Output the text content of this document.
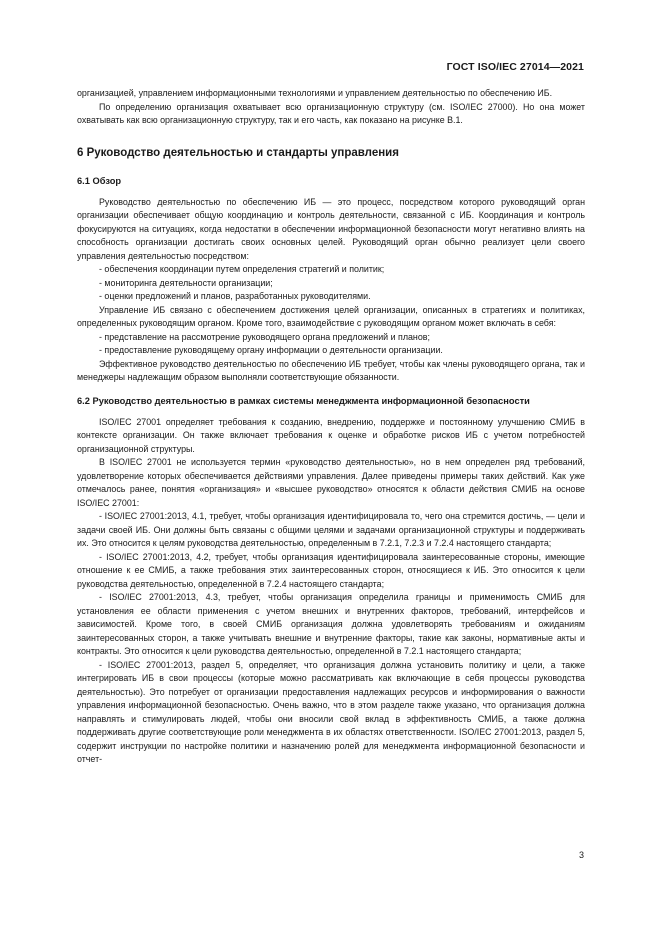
ГОСТ ISO/IEC 27014—2021

организацией, управлением информационными технологиями и управлением деятельностью по обеспечению ИБ.

По определению организация охватывает всю организационную структуру (см. ISO/IEC 27000). Но она может охватывать как всю организационную структуру, так и его часть, как показано на рисунке В.1.

6 Руководство деятельностью и стандарты управления
6.1 Обзор

Руководство деятельностью по обеспечению ИБ — это процесс, посредством которого руководящий орган организации обеспечивает общую координацию и контроль деятельности, связанной с ИБ. Координация и контроль фокусируются на ситуациях, когда недостатки в обеспечении информационной безопасности могут негативно влиять на способность организации достигать своих основных целей. Руководящий орган обычно реализует цели своего управления деятельностью посредством:

- обеспечения координации путем определения стратегий и политик;

- мониторинга деятельности организации;

- оценки предложений и планов, разработанных руководителями.

Управление ИБ связано с обеспечением достижения целей организации, описанных в стратегиях и политиках, определенных руководящим органом. Кроме того, взаимодействие с руководящим органом может включать в себя:

- представление на рассмотрение руководящего органа предложений и планов;

- предоставление руководящему органу информации о деятельности организации.

Эффективное руководство деятельностью по обеспечению ИБ требует, чтобы как члены руководящего органа, так и менеджеры надлежащим образом выполняли соответствующие обязанности.

6.2 Руководство деятельностью в рамках системы менеджмента информационной безопасности

ISO/IEC 27001 определяет требования к созданию, внедрению, поддержке и постоянному улучшению СМИБ в контексте организации. Он также включает требования к оценке и обработке рисков ИБ с учетом потребностей организационной структуры.

В ISO/IEC 27001 не используется термин «руководство деятельностью», но в нем определен ряд требований, удовлетворение которых обеспечивается действиями управления. Далее приведены примеры таких действий. Как уже отмечалось ранее, понятия «организация» и «высшее руководство» относятся к области действия СМИБ на основе ISO/IEC 27001:

- ISO/IEC 27001:2013, 4.1, требует, чтобы организация идентифицировала то, чего она стремится достичь, — цели и задачи своей ИБ. Они должны быть связаны с общими целями и задачами организационной структуры и поддерживать их. Это относится к целям руководства деятельностью, определенным в 7.2.1, 7.2.3 и 7.2.4 настоящего стандарта;

- ISO/IEC 27001:2013, 4.2, требует, чтобы организация идентифицировала заинтересованные стороны, имеющие отношение к ее СМИБ, а также требования этих заинтересованных сторон, относящиеся к ИБ. Это относится к цели руководства деятельностью, определенной в 7.2.4 настоящего стандарта;

- ISO/IEC 27001:2013, 4.3, требует, чтобы организация определила границы и применимость СМИБ для установления ее области применения с учетом внешних и внутренних факторов, требований, интерфейсов и зависимостей. Кроме того, в своей СМИБ организация должна удовлетворять требованиям и ожиданиям заинтересованных сторон, а также учитывать внешние и внутренние факторы, такие как законы, нормативные акты и контракты. Это относится к цели руководства деятельностью, определенной в 7.2.1 настоящего стандарта;

- ISO/IEC 27001:2013, раздел 5, определяет, что организация должна установить политику и цели, а также интегрировать ИБ в свои процессы (которые можно рассматривать как включающие в себя процессы руководства деятельностью). Это потребует от организации предоставления надлежащих ресурсов и информирования о важности управления информационной безопасностью. Очень важно, что в этом разделе также указано, что организация должна направлять и стимулировать людей, чтобы они вносили свой вклад в эффективность СМИБ, а также должна поддерживать другие соответствующие роли менеджмента в их областях ответственности. ISO/IEC 27001:2013, раздел 5, содержит инструкции по настройке политики и назначению ролей для менеджмента информационной безопасности и отчет-

3
